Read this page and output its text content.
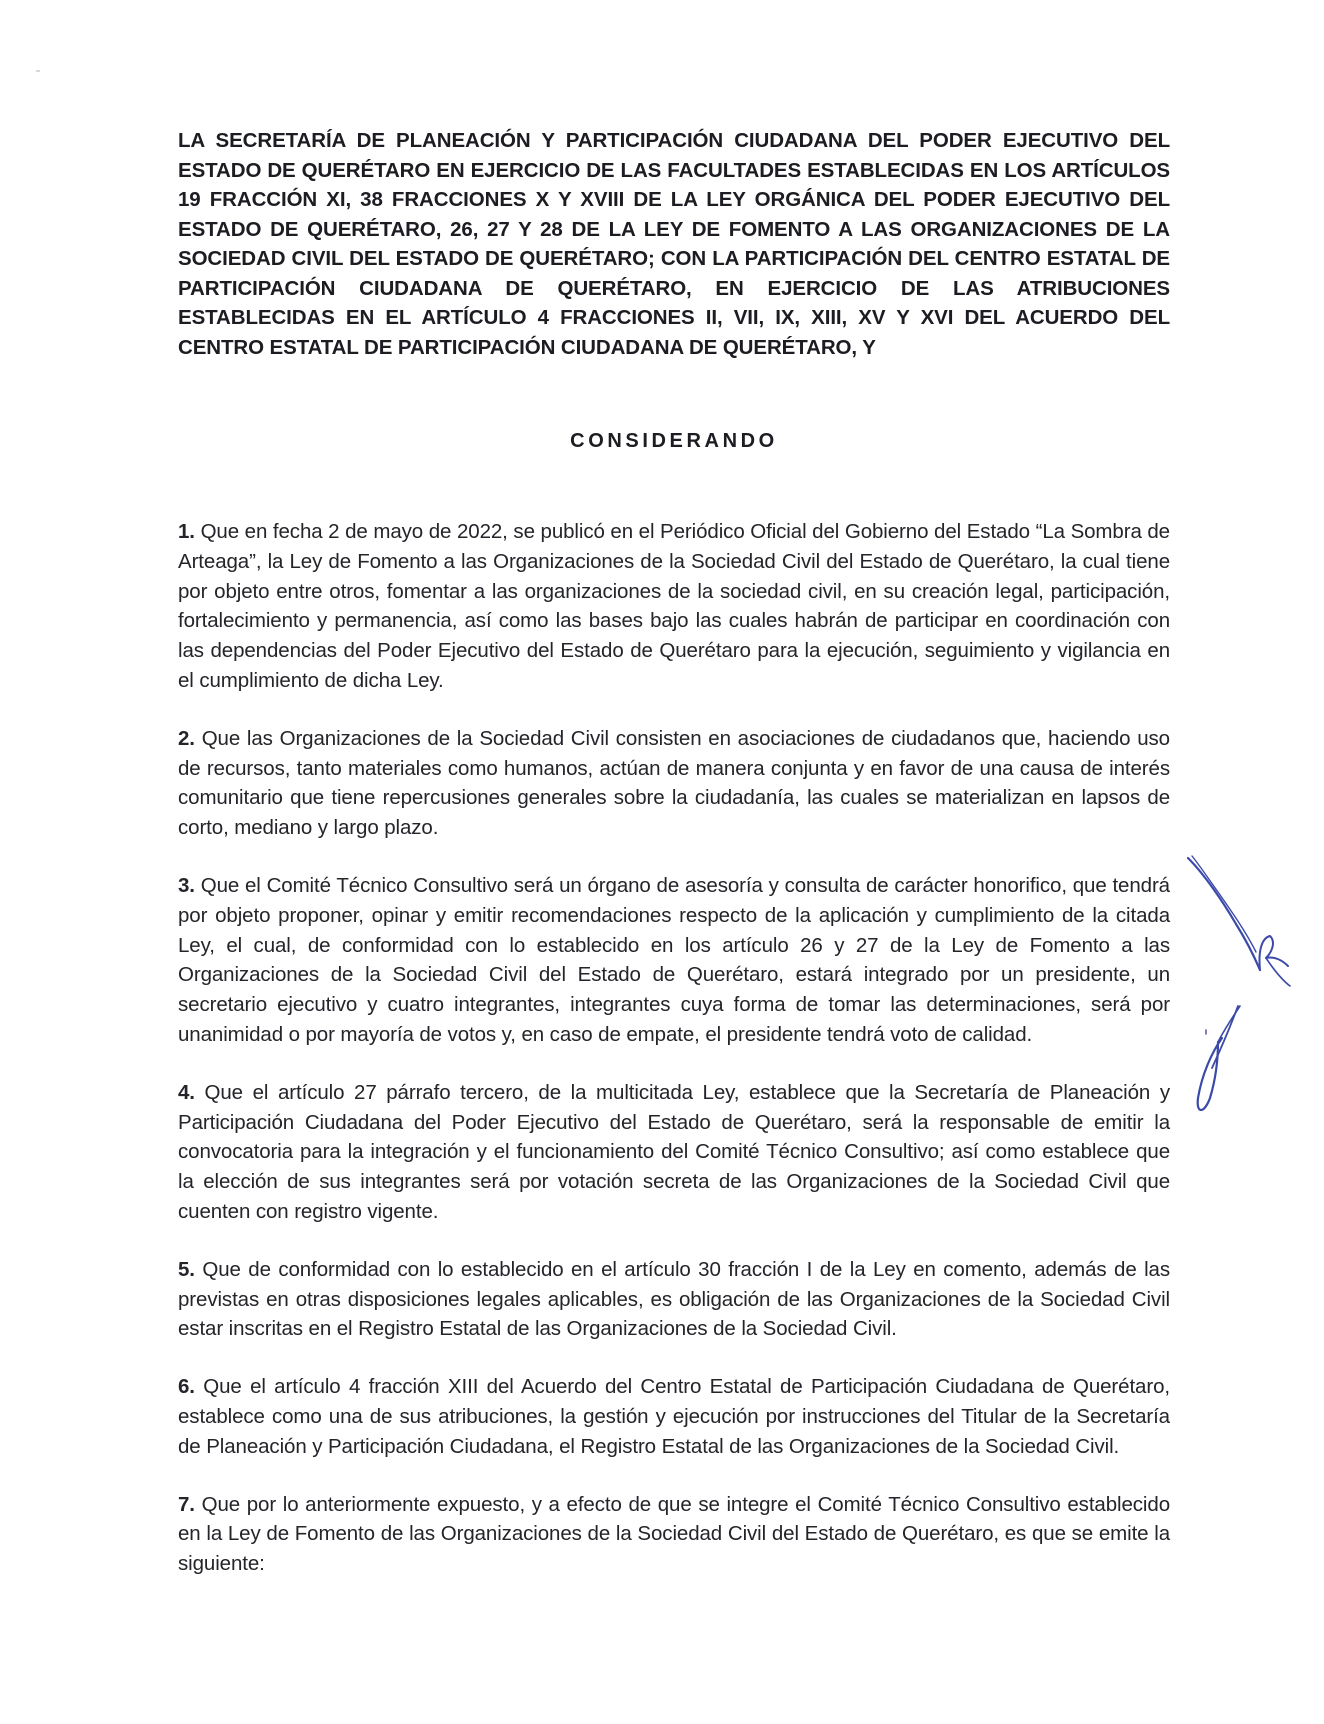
LA SECRETARÍA DE PLANEACIÓN Y PARTICIPACIÓN CIUDADANA DEL PODER EJECUTIVO DEL ESTADO DE QUERÉTARO EN EJERCICIO DE LAS FACULTADES ESTABLECIDAS EN LOS ARTÍCULOS 19 FRACCIÓN XI, 38 FRACCIONES X Y XVIII DE LA LEY ORGÁNICA DEL PODER EJECUTIVO DEL ESTADO DE QUERÉTARO, 26, 27 Y 28 DE LA LEY DE FOMENTO A LAS ORGANIZACIONES DE LA SOCIEDAD CIVIL DEL ESTADO DE QUERÉTARO; CON LA PARTICIPACIÓN DEL CENTRO ESTATAL DE PARTICIPACIÓN CIUDADANA DE QUERÉTARO, EN EJERCICIO DE LAS ATRIBUCIONES ESTABLECIDAS EN EL ARTÍCULO 4 FRACCIONES II, VII, IX, XIII, XV Y XVI DEL ACUERDO DEL CENTRO ESTATAL DE PARTICIPACIÓN CIUDADANA DE QUERÉTARO, Y

CONSIDERANDO

1. Que en fecha 2 de mayo de 2022, se publicó en el Periódico Oficial del Gobierno del Estado “La Sombra de Arteaga”, la Ley de Fomento a las Organizaciones de la Sociedad Civil del Estado de Querétaro, la cual tiene por objeto entre otros, fomentar a las organizaciones de la sociedad civil, en su creación legal, participación, fortalecimiento y permanencia, así como las bases bajo las cuales habrán de participar en coordinación con las dependencias del Poder Ejecutivo del Estado de Querétaro para la ejecución, seguimiento y vigilancia en el cumplimiento de dicha Ley.

2. Que las Organizaciones de la Sociedad Civil consisten en asociaciones de ciudadanos que, haciendo uso de recursos, tanto materiales como humanos, actúan de manera conjunta y en favor de una causa de interés comunitario que tiene repercusiones generales sobre la ciudadanía, las cuales se materializan en lapsos de corto, mediano y largo plazo.

3. Que el Comité Técnico Consultivo será un órgano de asesoría y consulta de carácter honorifico, que tendrá por objeto proponer, opinar y emitir recomendaciones respecto de la aplicación y cumplimiento de la citada Ley, el cual, de conformidad con lo establecido en los artículo 26 y 27 de la Ley de Fomento a las Organizaciones de la Sociedad Civil del Estado de Querétaro, estará integrado por un presidente, un secretario ejecutivo y cuatro integrantes, integrantes cuya forma de tomar las determinaciones, será por unanimidad o por mayoría de votos y, en caso de empate, el presidente tendrá voto de calidad.

4. Que el artículo 27 párrafo tercero, de la multicitada Ley, establece que la Secretaría de Planeación y Participación Ciudadana del Poder Ejecutivo del Estado de Querétaro, será la responsable de emitir la convocatoria para la integración y el funcionamiento del Comité Técnico Consultivo; así como establece que la elección de sus integrantes será por votación secreta de las Organizaciones de la Sociedad Civil que cuenten con registro vigente.

5. Que de conformidad con lo establecido en el artículo 30 fracción I de la Ley en comento, además de las previstas en otras disposiciones legales aplicables, es obligación de las Organizaciones de la Sociedad Civil estar inscritas en el Registro Estatal de las Organizaciones de la Sociedad Civil.

6. Que el artículo 4 fracción XIII del Acuerdo del Centro Estatal de Participación Ciudadana de Querétaro, establece como una de sus atribuciones, la gestión y ejecución por instrucciones del Titular de la Secretaría de Planeación y Participación Ciudadana, el Registro Estatal de las Organizaciones de la Sociedad Civil.

7. Que por lo anteriormente expuesto, y a efecto de que se integre el Comité Técnico Consultivo establecido en la Ley de Fomento de las Organizaciones de la Sociedad Civil del Estado de Querétaro, es que se emite la siguiente:
